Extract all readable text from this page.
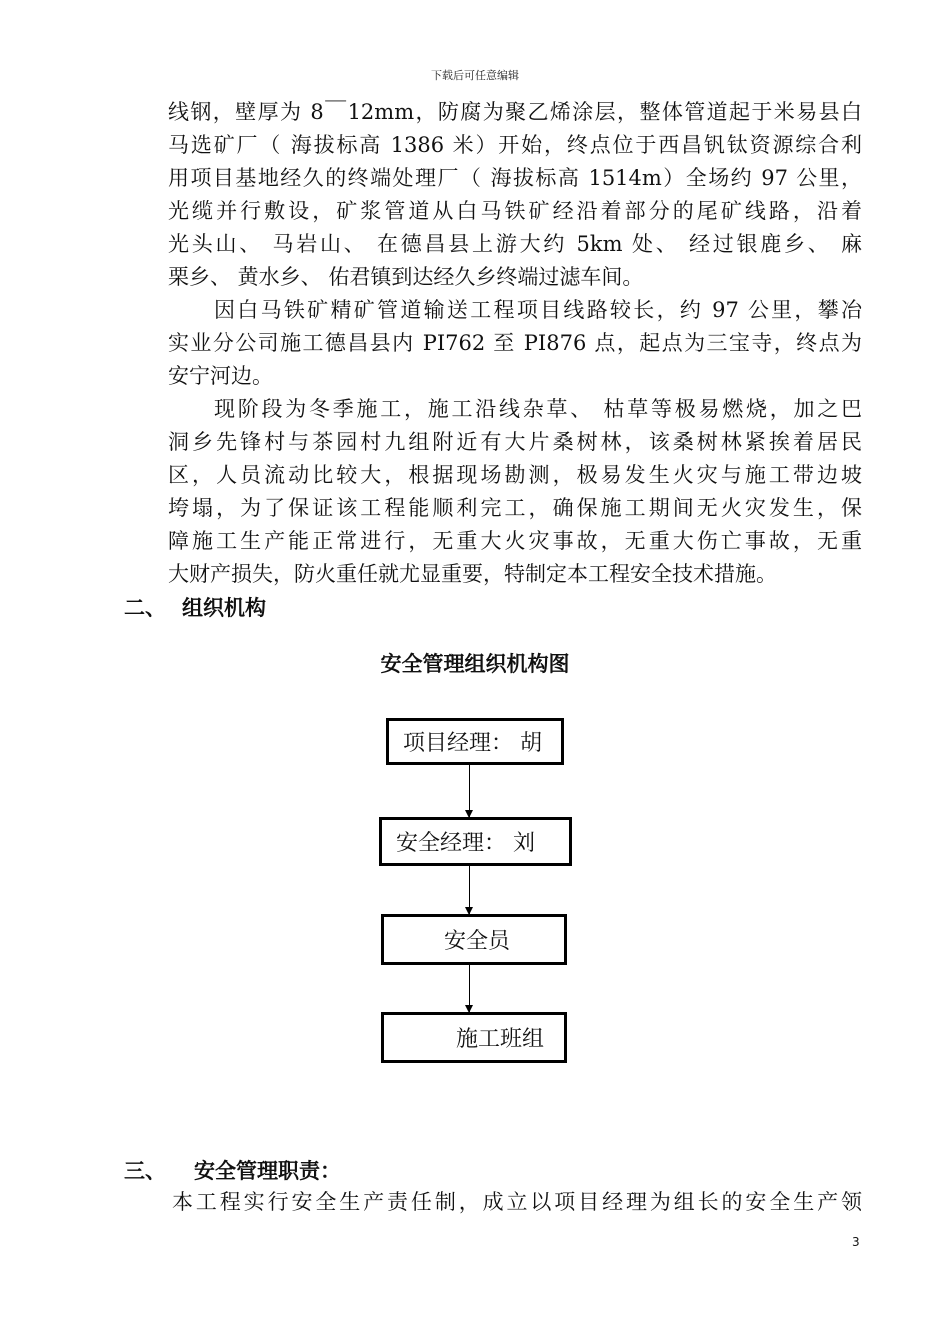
下载后可任意编辑
线钢，壁厚为 8￣12mm，防腐为聚乙烯涂层，整体管道起于米易县白
马选矿厂（ 海拔标高 1386 米）开始，终点位于西昌钒钛资源综合利
用项目基地经久的终端处理厂（ 海拔标高 1514m）全场约 97 公里，
光缆并行敷设，矿浆管道从白马铁矿经沿着部分的尾矿线路，沿着
光头山、 马岩山、 在德昌县上游大约 5km 处、 经过银鹿乡、 麻
栗乡、 黄水乡、 佑君镇到达经久乡终端过滤车间。
因白马铁矿精矿管道输送工程项目线路较长，约 97 公里，攀冶
实业分公司施工德昌县内 PI762 至 PI876 点，起点为三宝寺，终点为
安宁河边。
现阶段为冬季施工，施工沿线杂草、 枯草等极易燃烧，加之巴
洞乡先锋村与茶园村九组附近有大片桑树林，该桑树林紧挨着居民
区，人员流动比较大，根据现场勘测，极易发生火灾与施工带边坡
垮塌，为了保证该工程能顺利完工，确保施工期间无火灾发生，保
障施工生产能正常进行，无重大火灾事故，无重大伤亡事故，无重
大财产损失，防火重任就尤显重要，特制定本工程安全技术措施。
二、 组织机构
安全管理组织机构图
项目经理： 胡
安全经理： 刘
安全员
施工班组
三、 安全管理职责：
本工程实行安全生产责任制，成立以项目经理为组长的安全生产领
3
